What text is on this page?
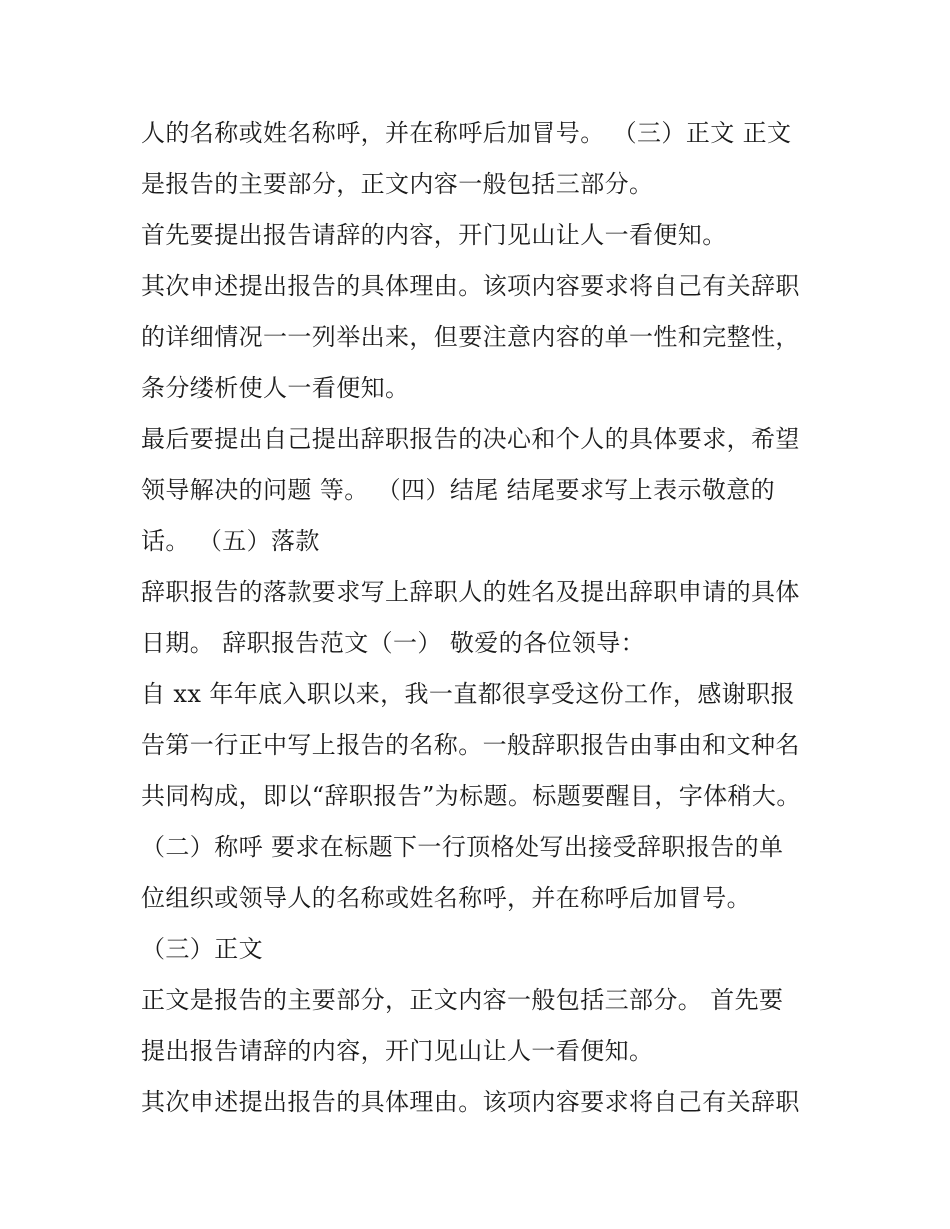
人的名称或姓名称呼，并在称呼后加冒号。 （三）正文 正文
是报告的主要部分，正文内容一般包括三部分。
首先要提出报告请辞的内容，开门见山让人一看便知。
其次申述提出报告的具体理由。该项内容要求将自己有关辞职
的详细情况一一列举出来，但要注意内容的单一性和完整性，
条分缕析使人一看便知。
最后要提出自己提出辞职报告的决心和个人的具体要求，希望
领导解决的问题 等。 （四）结尾 结尾要求写上表示敬意的
话。 （五）落款
辞职报告的落款要求写上辞职人的姓名及提出辞职申请的具体
日期。 辞职报告范文（一） 敬爱的各位领导：
自 xx 年年底入职以来，我一直都很享受这份工作，感谢职报
告第一行正中写上报告的名称。一般辞职报告由事由和文种名
共同构成，即以“辞职报告”为标题。标题要醒目，字体稍大。
（二）称呼 要求在标题下一行顶格处写出接受辞职报告的单
位组织或领导人的名称或姓名称呼，并在称呼后加冒号。
（三）正文
正文是报告的主要部分，正文内容一般包括三部分。 首先要
提出报告请辞的内容，开门见山让人一看便知。
其次申述提出报告的具体理由。该项内容要求将自己有关辞职
